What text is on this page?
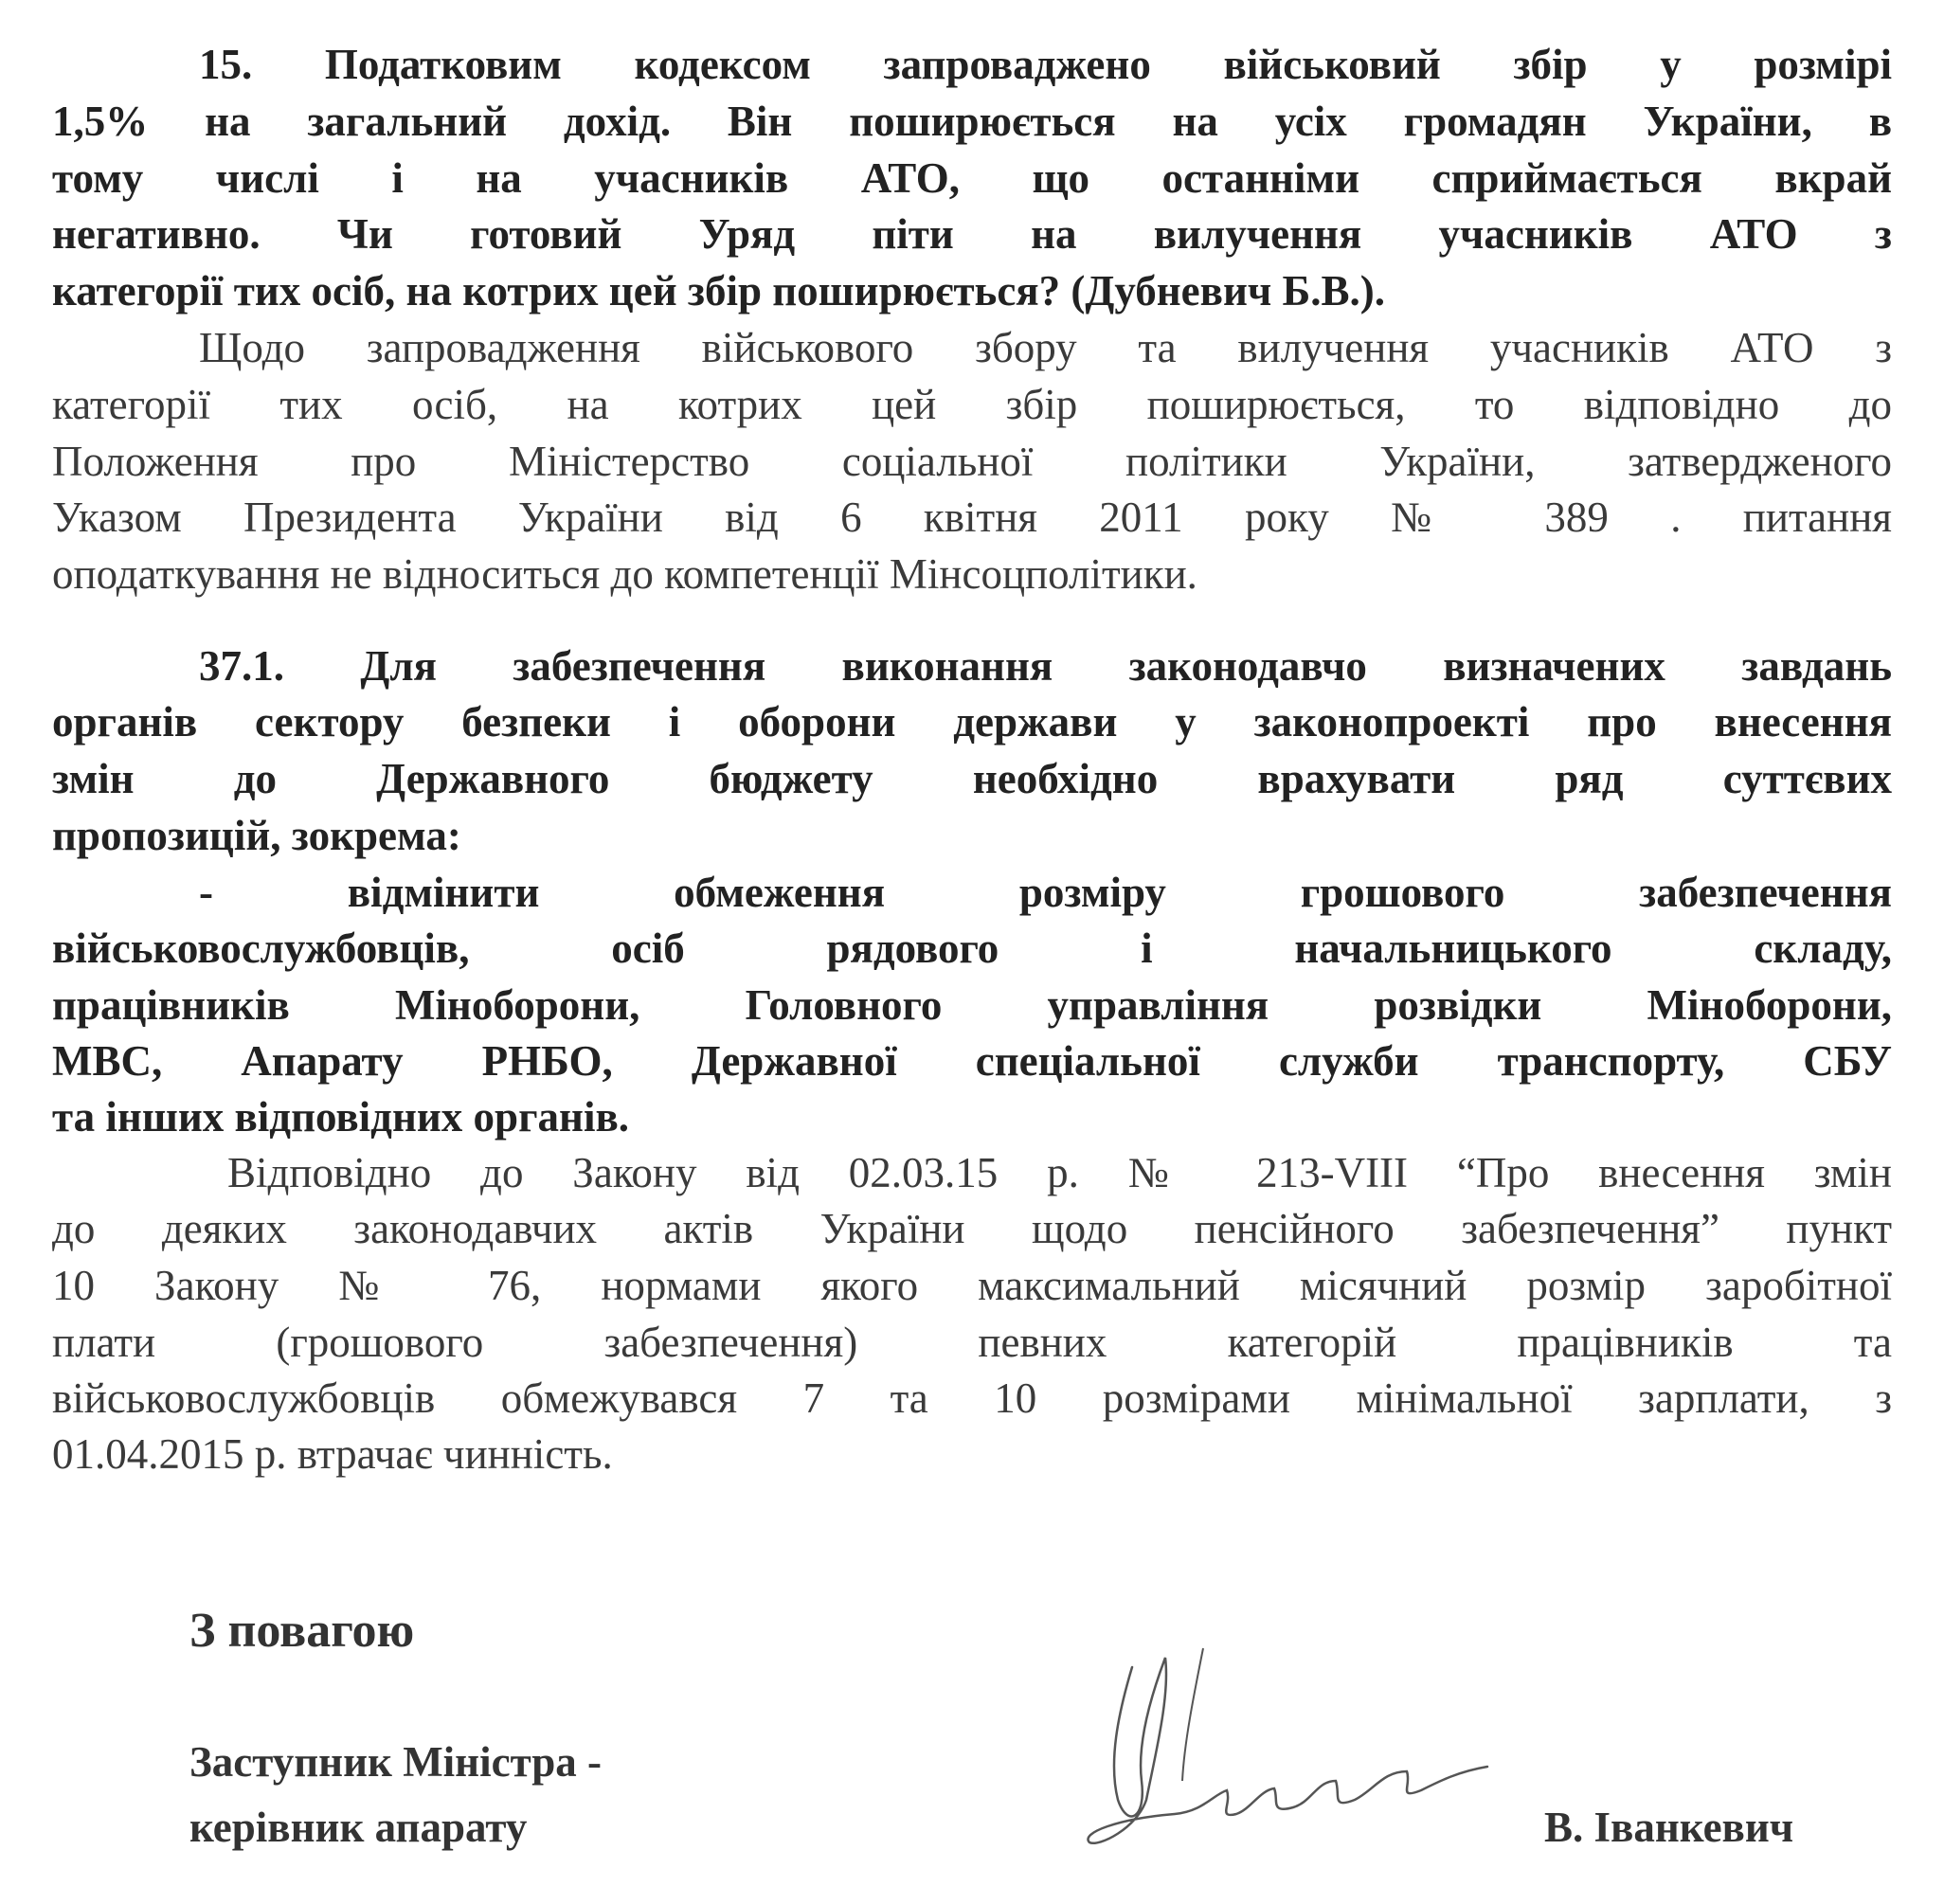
15. Податковим кодексом запроваджено військовий збір у розмірі
1,5% на загальний дохід. Він поширюється на усіх громадян України, в
тому числі і на учасників АТО, що останніми сприймається вкрай
негативно. Чи готовий Уряд піти на вилучення учасників АТО з
категорії тих осіб, на котрих цей збір поширюється? (Дубневич Б.В.).
Щодо запровадження військового збору та вилучення учасників АТО з
категорії тих осіб, на котрих цей збір поширюється, то відповідно до
Положення про Міністерство соціальної політики України, затвердженого
Указом Президента України від 6 квітня 2011 року № 389 . питання
оподаткування не відноситься до компетенції Мінсоцполітики.
37.1. Для забезпечення виконання законодавчо визначених завдань
органів сектору безпеки і оборони держави у законопроекті про внесення
змін до Державного бюджету необхідно врахувати ряд суттєвих
пропозицій, зокрема:
- відмінити обмеження розміру грошового забезпечення
військовослужбовців, осіб рядового і начальницького складу,
працівників Міноборони, Головного управління розвідки Міноборони,
МВС, Апарату РНБО, Державної спеціальної служби транспорту, СБУ
та інших відповідних органів.
Відповідно до Закону від 02.03.15 р. № 213-VIII “Про внесення змін
до деяких законодавчих актів України щодо пенсійного забезпечення” пункт
10 Закону № 76, нормами якого максимальний місячний розмір заробітної
плати (грошового забезпечення) певних категорій працівників та
військовослужбовців обмежувався 7 та 10 розмірами мінімальної зарплати, з
01.04.2015 р. втрачає чинність.
З повагою
Заступник Міністра -
керівник апарату	В. Іванкевич
